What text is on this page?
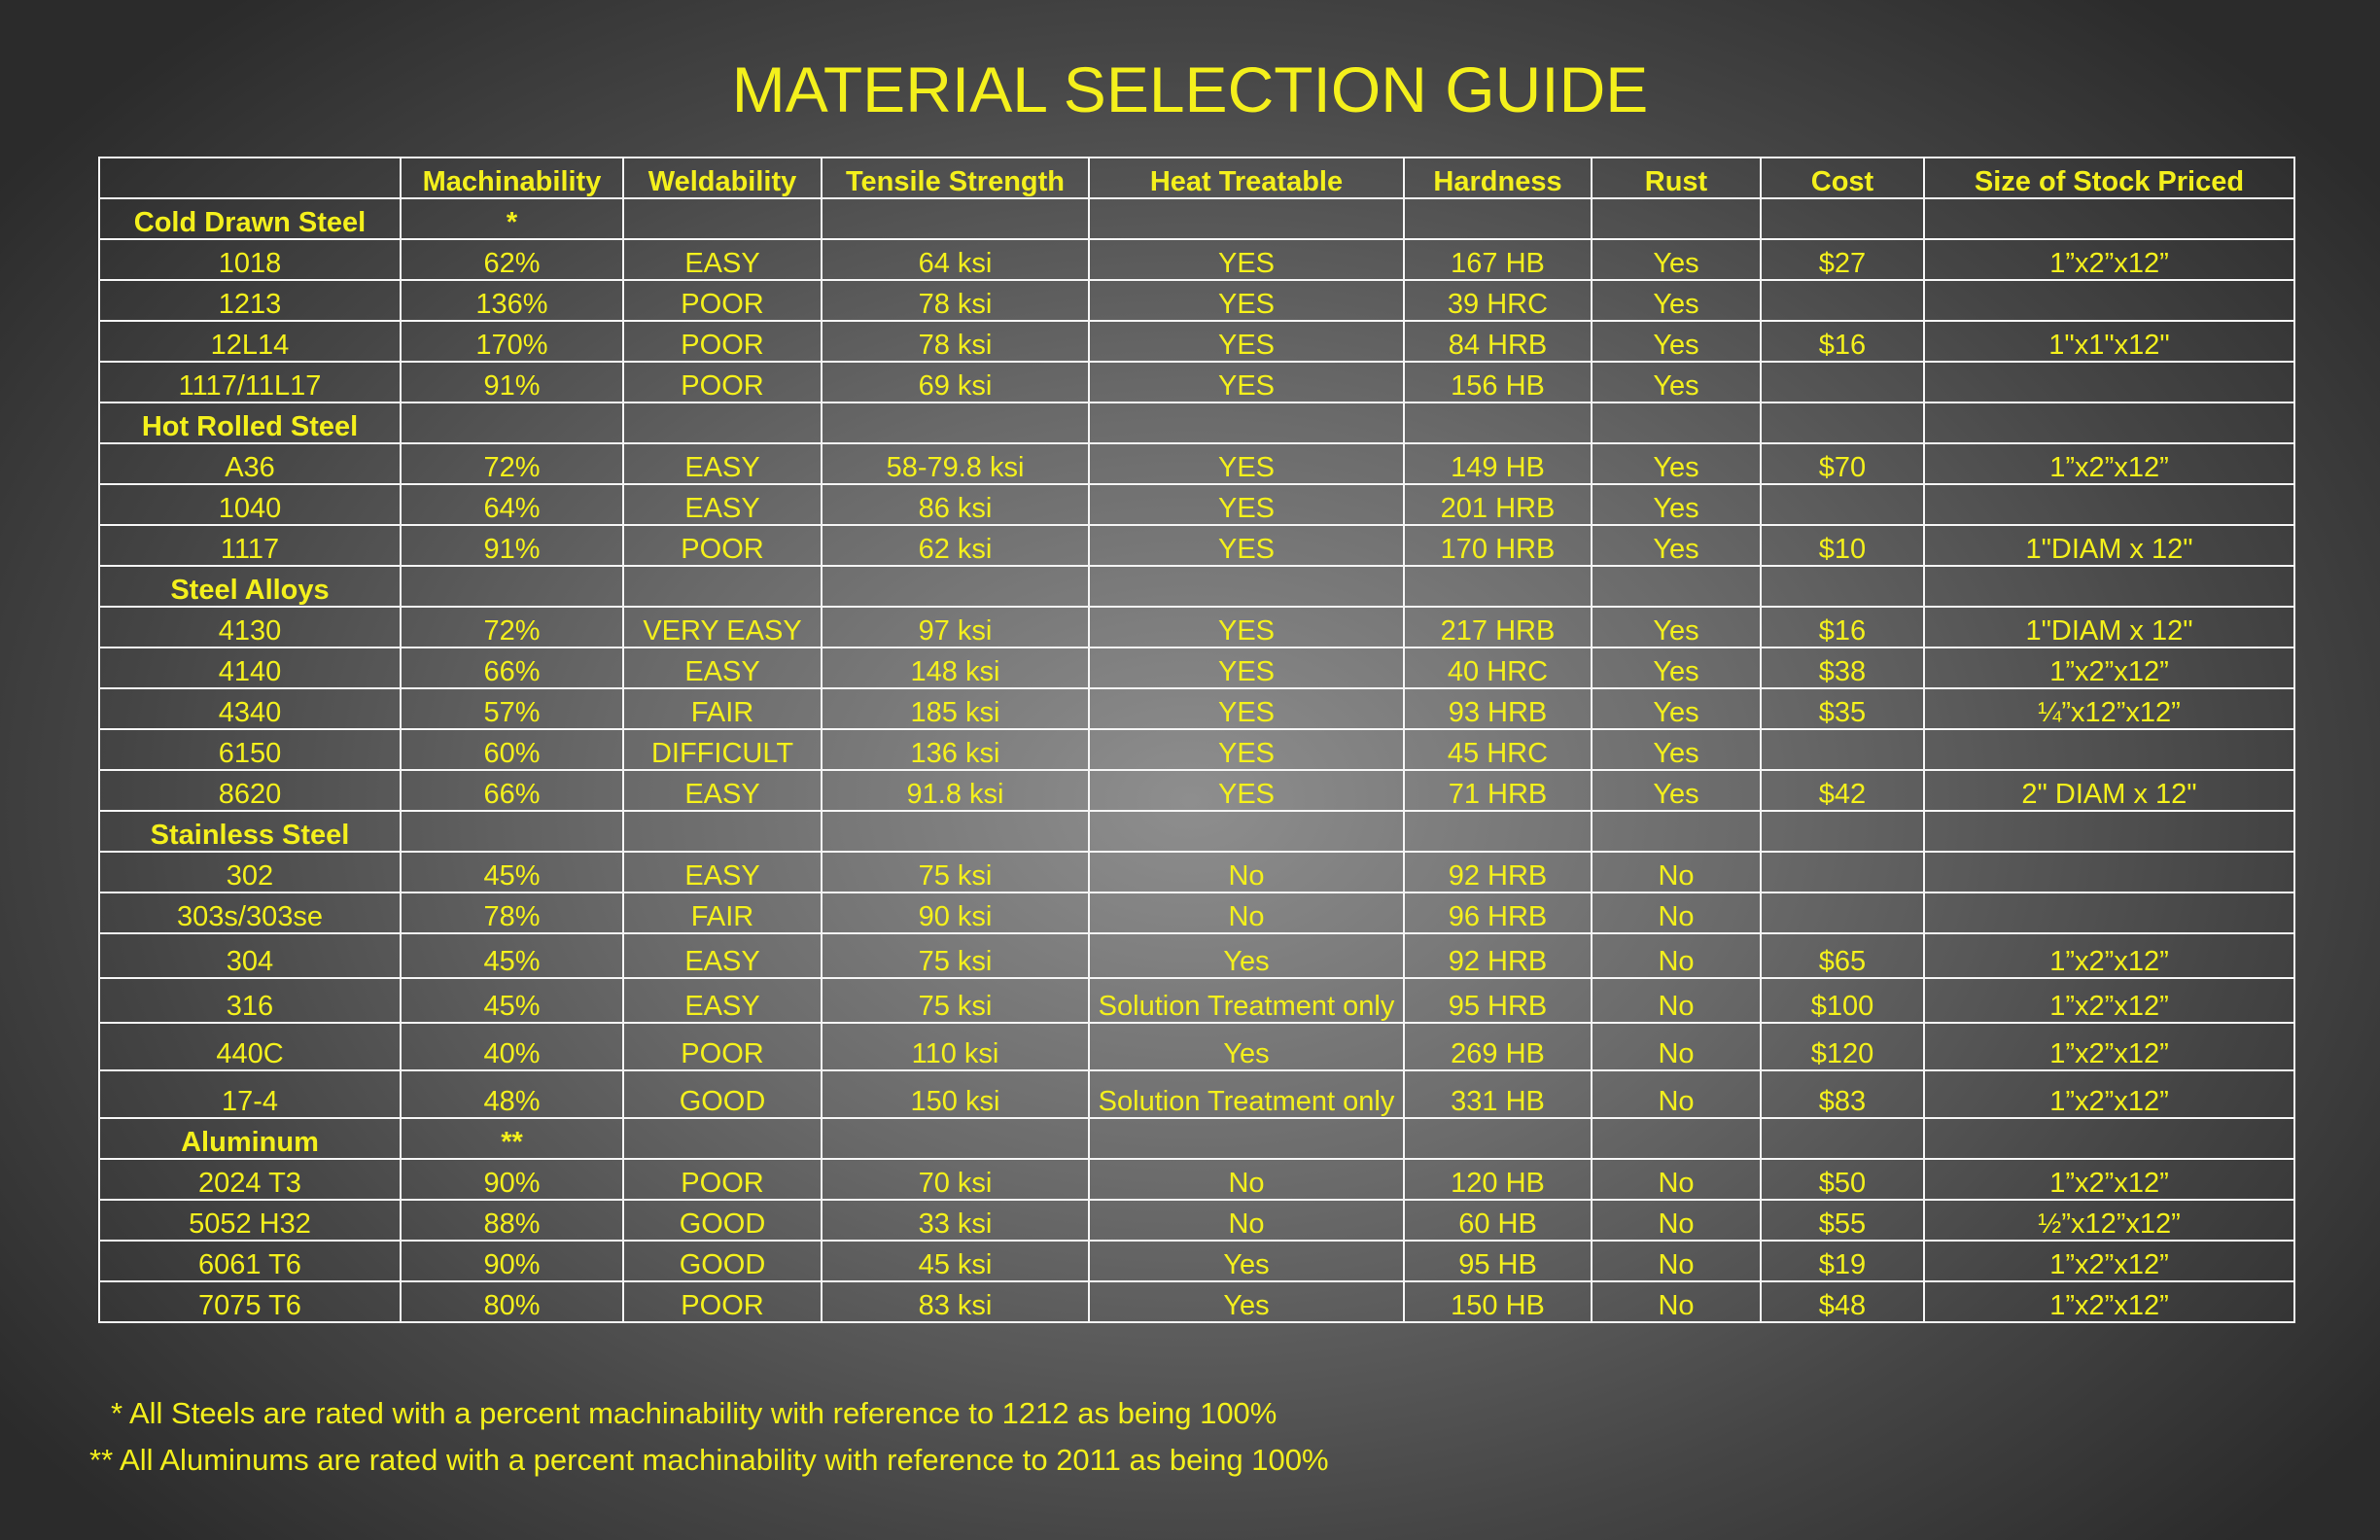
MATERIAL SELECTION GUIDE
	Machinability	Weldability	Tensile Strength	Heat Treatable	Hardness	Rust	Cost	Size of Stock Priced
Cold Drawn Steel	*							
1018	62%	EASY	64 ksi	YES	167 HB	Yes	$27	1”x2”x12”
1213	136%	POOR	78 ksi	YES	39 HRC	Yes		
12L14	170%	POOR	78 ksi	YES	84 HRB	Yes	$16	1"x1"x12"
1117/11L17	91%	POOR	69 ksi	YES	156 HB	Yes		
Hot Rolled Steel								
A36	72%	EASY	58-79.8 ksi	YES	149 HB	Yes	$70	1”x2”x12”
1040	64%	EASY	86 ksi	YES	201 HRB	Yes		
1117	91%	POOR	62 ksi	YES	170 HRB	Yes	$10	1"DIAM x 12"
Steel Alloys								
4130	72%	VERY EASY	97 ksi	YES	217 HRB	Yes	$16	1"DIAM x 12"
4140	66%	EASY	148 ksi	YES	40 HRC	Yes	$38	1”x2”x12”
4340	57%	FAIR	185 ksi	YES	93 HRB	Yes	$35	¼”x12”x12”
6150	60%	DIFFICULT	136 ksi	YES	45 HRC	Yes		
8620	66%	EASY	91.8 ksi	YES	71 HRB	Yes	$42	2" DIAM x 12"
Stainless Steel								
302	45%	EASY	75 ksi	No	92 HRB	No		
303s/303se	78%	FAIR	90 ksi	No	96 HRB	No		
304	45%	EASY	75 ksi	Yes	92 HRB	No	$65	1”x2”x12”
316	45%	EASY	75 ksi	Solution Treatment only	95 HRB	No	$100	1”x2”x12”
440C	40%	POOR	110 ksi	Yes	269 HB	No	$120	1”x2”x12”
17-4	48%	GOOD	150 ksi	Solution Treatment only	331 HB	No	$83	1”x2”x12”
Aluminum	**							
2024 T3	90%	POOR	70 ksi	No	120 HB	No	$50	1”x2”x12”
5052 H32	88%	GOOD	33 ksi	No	60 HB	No	$55	½”x12”x12”
6061 T6	90%	GOOD	45 ksi	Yes	95 HB	No	$19	1”x2”x12”
7075 T6	80%	POOR	83 ksi	Yes	150 HB	No	$48	1”x2”x12”
* All Steels are rated with a percent machinability with reference to 1212 as being 100%
** All Aluminums are rated with a percent machinability with reference to 2011 as being 100%
